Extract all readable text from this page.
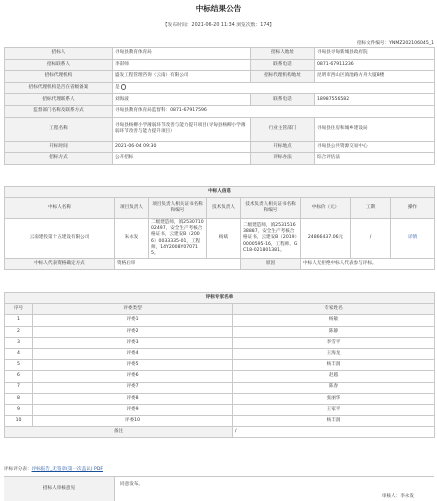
中标结果公告
【发布时间：2021-06-20 11:34 浏览次数：174】
招标文件编号：YNMZ202106045_1
招标人	寻甸县教育体育局	招标人地址	寻甸县寻甸新城县政府院
招标联系人	李彩师	联系电话	0871-67911236
招标代理机构	盛发工程管理咨询（云南）有限公司	招标代理机构地址	昆明市西山区滇池路方舟大厦8楼
招标代理机构是否在省级备案	是		
招标代理联系人	刘海波	联系电话	18987556582
监督部门名称及联系方式	寻甸县教育体育局监督科：0871-67917596		
工程名称	寻甸县杨柳小学薄弱环节改善与能力提升项目(寻甸县杨柳小学薄弱环节改善与能力提升项目）	行业主管部门	寻甸县住房和城乡建设局
开标时间	2021-06-04 09:30	开标地点	寻甸县公共资源交易中心
招标方式	公开招标	评标办法	综合评估法
中标人信息							
中标人名称	项目负责人	项目负责人相关证书名称和编号	技术负责人	技术负责人相关证书名称和编号	中标价（元）	工期	操作
云南建投第十五建设有限公司	朱永发	二级建造师，滇253071002497，安全生产考核合格证书，云建安B（2006）0033335-01，工程师，14Y2008Y070715。	杨斌	二级建造师，滇253151638887，安全生产考核合格证书，云建安B（2019）0000595-16，工程师，GC18-021801381。	24866437.06元	/	详情
中标人代表资格确定方式	资格后审			原因	中标人无拒绝中标人代表参与评标。		
评标专家名单		
序号	评委类型	专家姓名
1	评委1	杨敏
2	评委2	陈静
3	评委3	李雪平
4	评委4	王海龙
5	评委5	杨丰润
6	评委6	赵越
7	评委7	陈春
8	评委8	张丽华
9	评委9	王家平
10	评委10	杨丰润
备注		/
评标评分表：评标报告_无签章(第一次盖认) PDF
招标人审核意见
同意发布。
审核人：李永发
